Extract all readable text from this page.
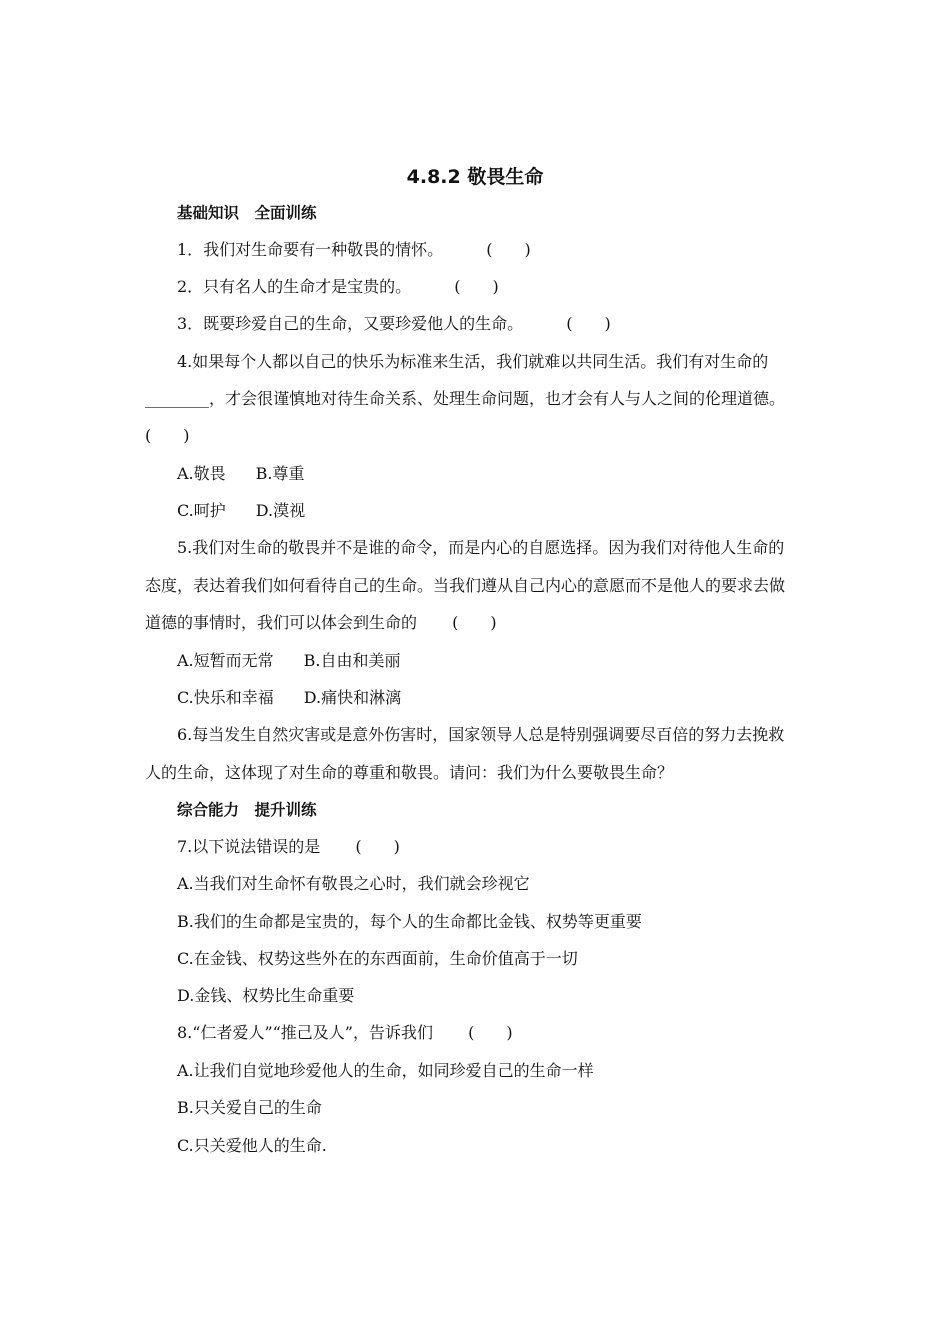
4.8.2 敬畏生命
基础知识　全面训练
1．我们对生命要有一种敬畏的情怀。	(　　)
2．只有名人的生命才是宝贵的。	(　　)
3．既要珍爱自己的生命，又要珍爱他人的生命。	(　　)
4.如果每个人都以自己的快乐为标准来生活，我们就难以共同生活。我们有对生命的
________，才会很谨慎地对待生命关系、处理生命问题，也才会有人与人之间的伦理道德。
(　　)
A.敬畏 B.尊重
C.呵护 D.漠视
5.我们对生命的敬畏并不是谁的命令，而是内心的自愿选择。因为我们对待他人生命的
态度，表达着我们如何看待自己的生命。当我们遵从自己内心的意愿而不是他人的要求去做
道德的事情时，我们可以体会到生命的 (　　)
A.短暂而无常 B.自由和美丽
C.快乐和幸福 D.痛快和淋漓
6.每当发生自然灾害或是意外伤害时，国家领导人总是特别强调要尽百倍的努力去挽救
人的生命，这体现了对生命的尊重和敬畏。请问：我们为什么要敬畏生命？
综合能力　提升训练
7.以下说法错误的是 (　　)
A.当我们对生命怀有敬畏之心时，我们就会珍视它
B.我们的生命都是宝贵的，每个人的生命都比金钱、权势等更重要
C.在金钱、权势这些外在的东西面前，生命价值高于一切
D.金钱、权势比生命重要
8.“仁者爱人”“推己及人”，告诉我们 (　　)
A.让我们自觉地珍爱他人的生命，如同珍爱自己的生命一样
B.只关爱自己的生命
C.只关爱他人的生命.
